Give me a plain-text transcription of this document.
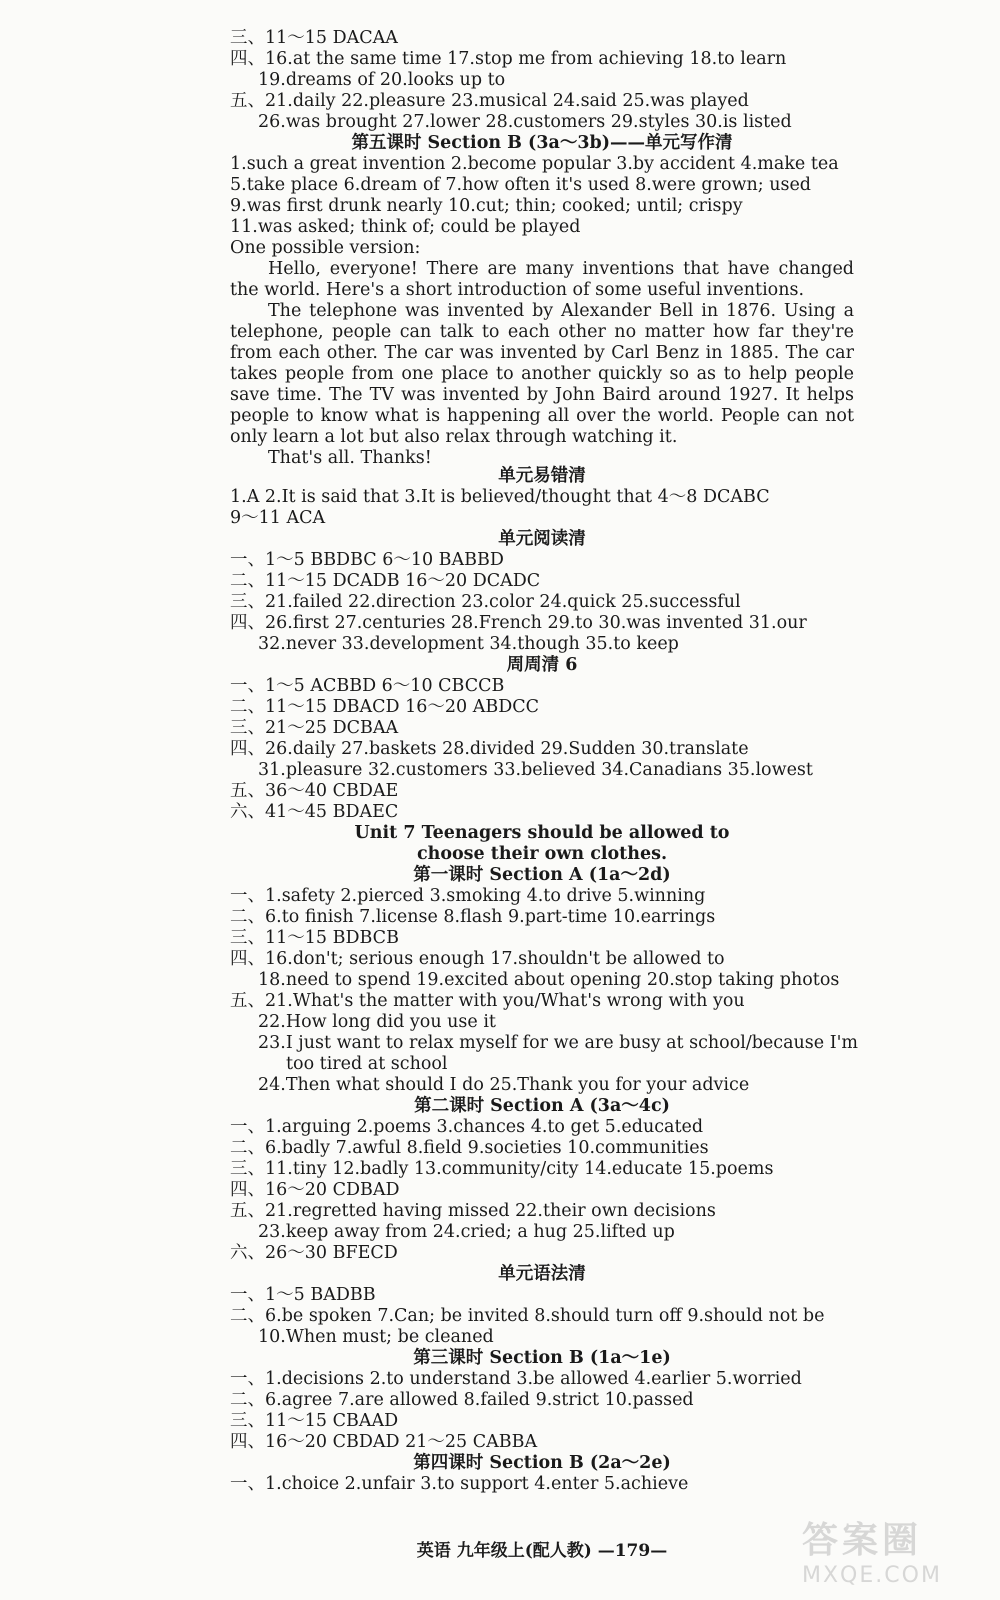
三、11～15 DACAA
四、16.at the same time 17.stop me from achieving 18.to learn
19.dreams of 20.looks up to
五、21.daily 22.pleasure 23.musical 24.said 25.was played
26.was brought 27.lower 28.customers 29.styles 30.is listed
第五课时 Section B (3a～3b)——单元写作清
1.such a great invention 2.become popular 3.by accident 4.make tea
5.take place 6.dream of 7.how often it's used 8.were grown; used
9.was first drunk nearly 10.cut; thin; cooked; until; crispy
11.was asked; think of; could be played
One possible version:

Hello, everyone! There are many inventions that have changed the world. Here's a short introduction of some useful inventions.

The telephone was invented by Alexander Bell in 1876. Using a telephone, people can talk to each other no matter how far they're from each other. The car was invented by Carl Benz in 1885. The car takes people from one place to another quickly so as to help people save time. The TV was invented by John Baird around 1927. It helps people to know what is happening all over the world. People can not only learn a lot but also relax through watching it.

That's all. Thanks!

单元易错清
1.A 2.It is said that 3.It is believed/thought that 4～8 DCABC
9～11 ACA
单元阅读清
一、1～5 BBDBC 6～10 BABBD
二、11～15 DCADB 16～20 DCADC
三、21.failed 22.direction 23.color 24.quick 25.successful
四、26.first 27.centuries 28.French 29.to 30.was invented 31.our
32.never 33.development 34.though 35.to keep
周周清 6
一、1～5 ACBBD 6～10 CBCCB
二、11～15 DBACD 16～20 ABDCC
三、21～25 DCBAA
四、26.daily 27.baskets 28.divided 29.Sudden 30.translate
31.pleasure 32.customers 33.believed 34.Canadians 35.lowest
五、36～40 CBDAE
六、41～45 BDAEC
Unit 7 Teenagers should be allowed to
choose their own clothes.
第一课时 Section A (1a～2d)
一、1.safety 2.pierced 3.smoking 4.to drive 5.winning
二、6.to finish 7.license 8.flash 9.part-time 10.earrings
三、11～15 BDBCB
四、16.don't; serious enough 17.shouldn't be allowed to
18.need to spend 19.excited about opening 20.stop taking photos
五、21.What's the matter with you/What's wrong with you
22.How long did you use it
23.I just want to relax myself for we are busy at school/because I'm
too tired at school
24.Then what should I do 25.Thank you for your advice
第二课时 Section A (3a～4c)
一、1.arguing 2.poems 3.chances 4.to get 5.educated
二、6.badly 7.awful 8.field 9.societies 10.communities
三、11.tiny 12.badly 13.community/city 14.educate 15.poems
四、16～20 CDBAD
五、21.regretted having missed 22.their own decisions
23.keep away from 24.cried; a hug 25.lifted up
六、26～30 BFECD
单元语法清
一、1～5 BADBB
二、6.be spoken 7.Can; be invited 8.should turn off 9.should not be
10.When must; be cleaned
第三课时 Section B (1a～1e)
一、1.decisions 2.to understand 3.be allowed 4.earlier 5.worried
二、6.agree 7.are allowed 8.failed 9.strict 10.passed
三、11～15 CBAAD
四、16～20 CBDAD 21～25 CABBA
第四课时 Section B (2a～2e)
一、1.choice 2.unfair 3.to support 4.enter 5.achieve
英语 九年级上(配人教) —179—	答案圈
MXQE.COM
